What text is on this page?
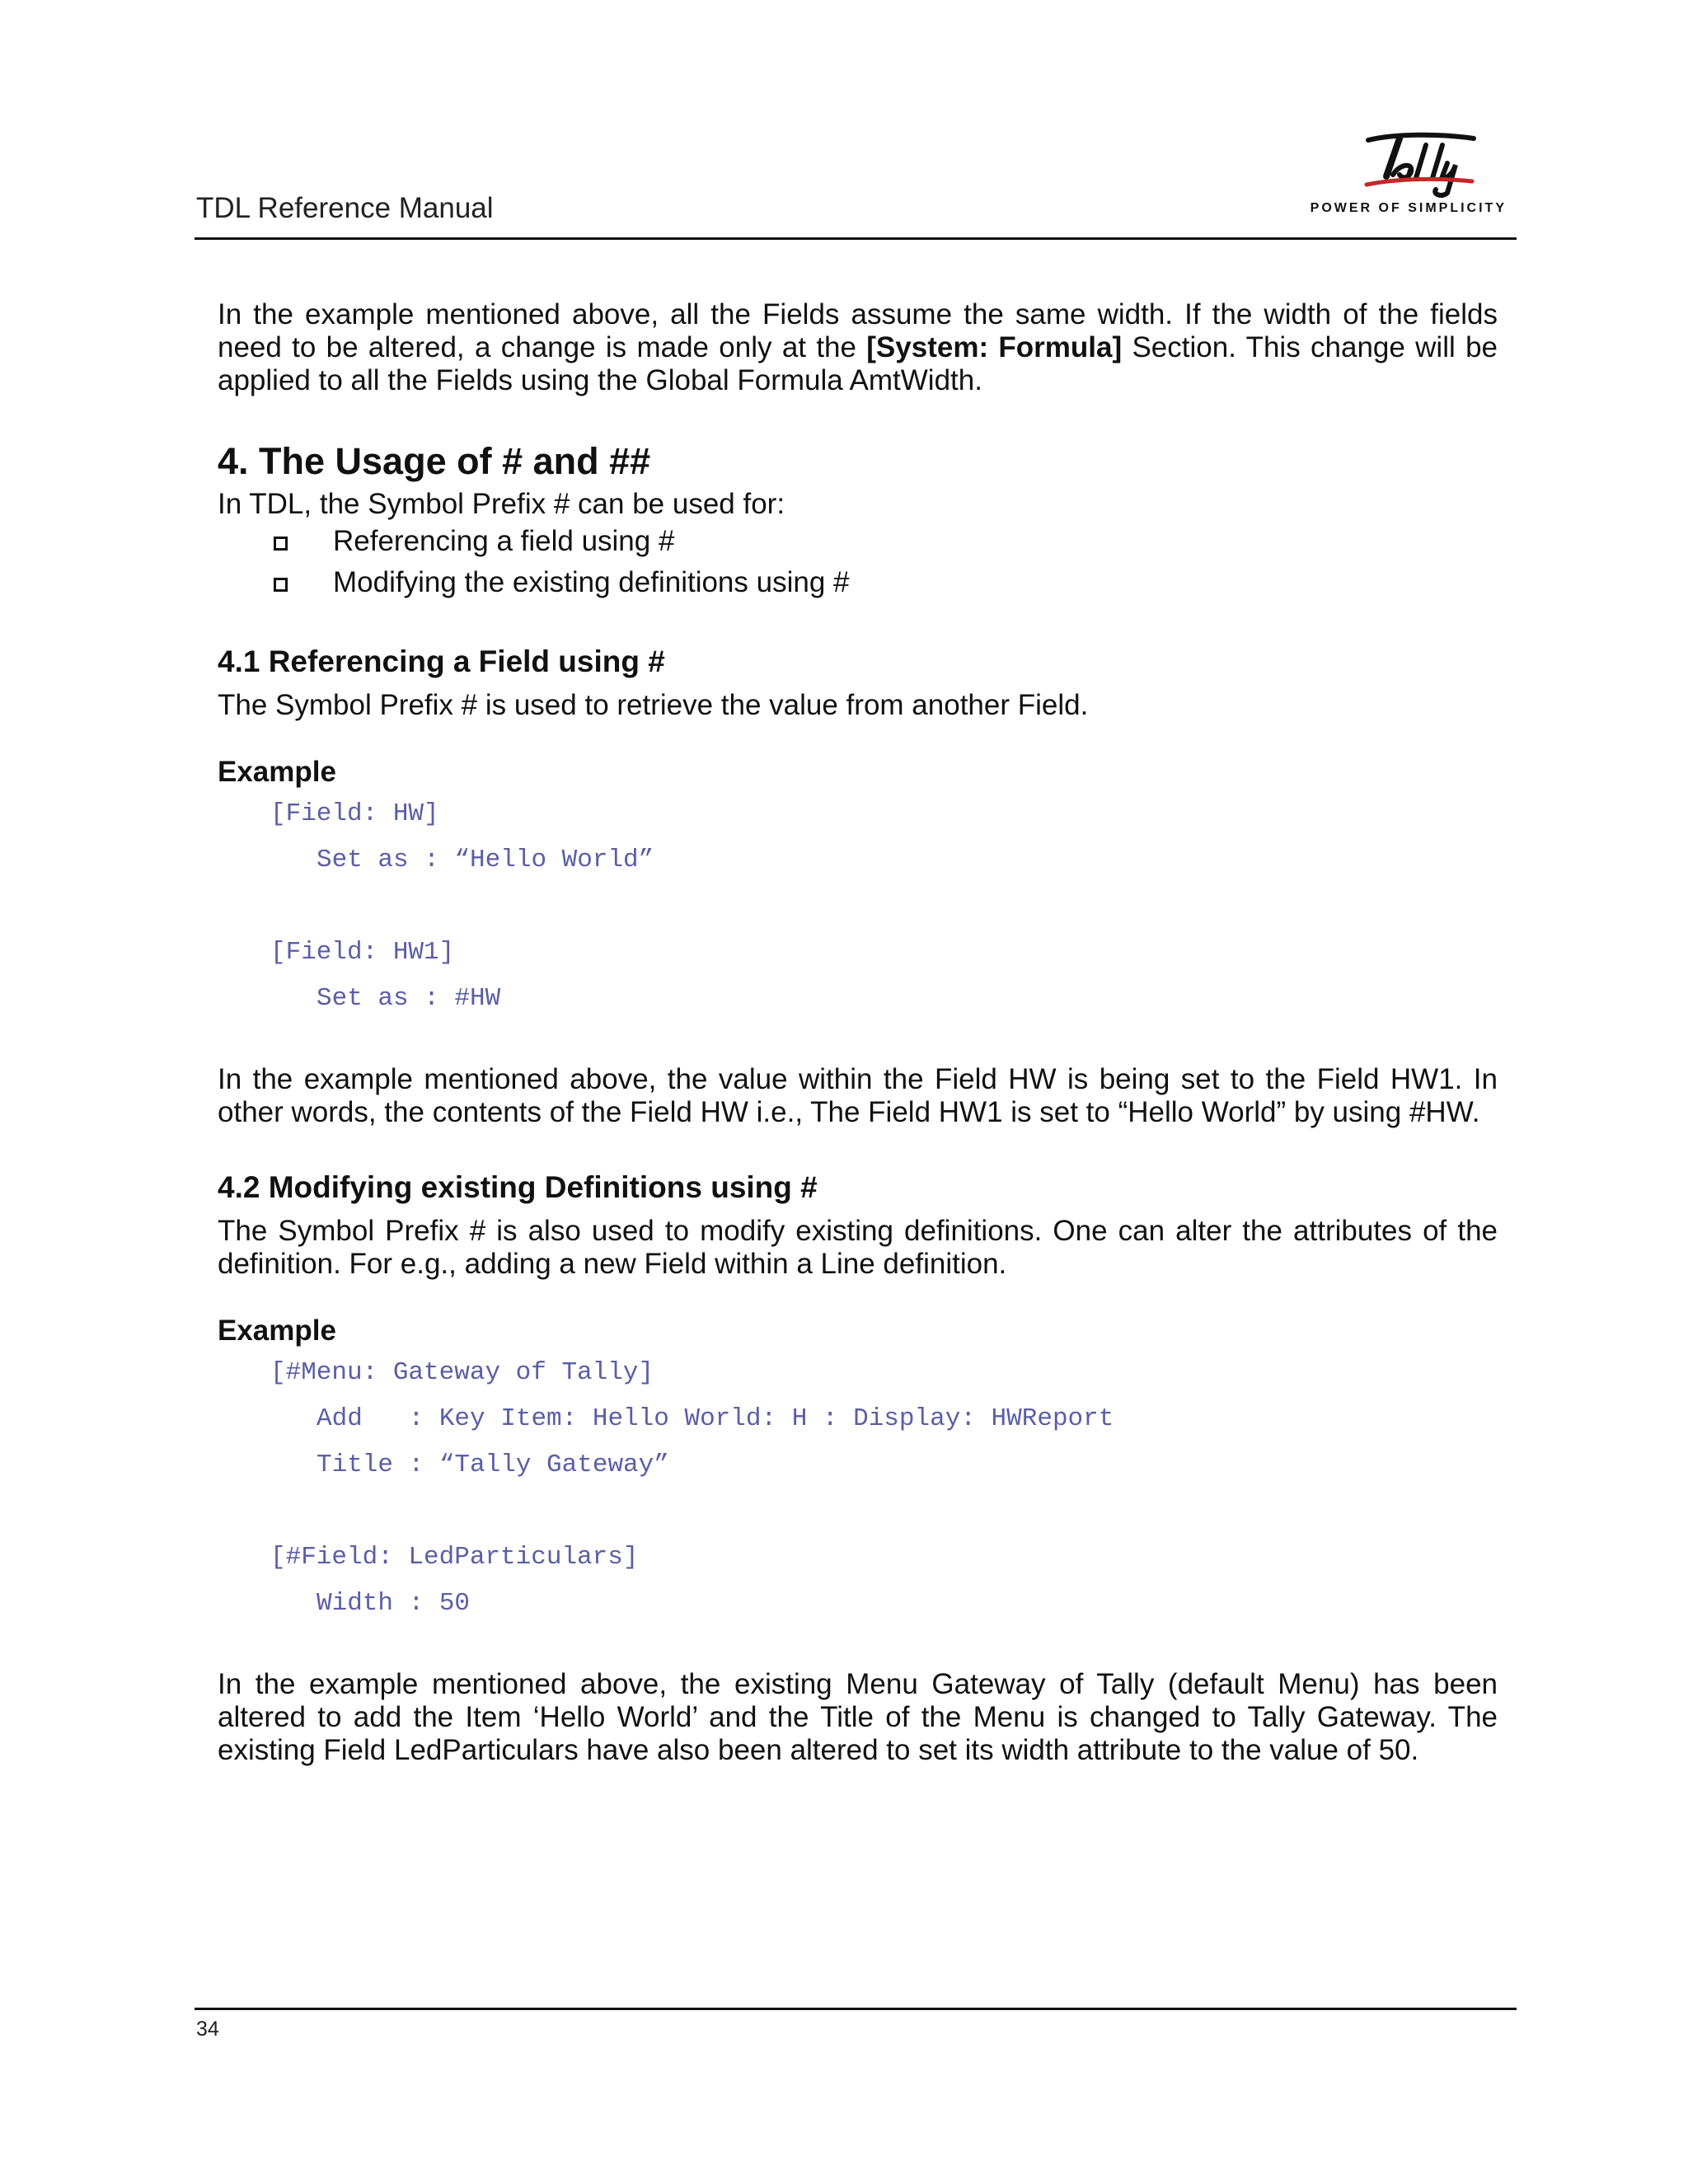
TDL Reference Manual	POWER OF SIMPLICITY

In the example mentioned above, all the Fields assume the same width. If the width of the fields need to be altered, a change is made only at the [System: Formula] Section. This change will be applied to all the Fields using the Global Formula AmtWidth.

4. The Usage of # and ##

In TDL, the Symbol Prefix # can be used for:

Referencing a field using #
Modifying the existing definitions using #
4.1 Referencing a Field using #

The Symbol Prefix # is used to retrieve the value from another Field.

Example
[Field: HW]
Set as : “Hello World”
[Field: HW1]
Set as : #HW

In the example mentioned above, the value within the Field HW is being set to the Field HW1. In other words, the contents of the Field HW i.e., The Field HW1 is set to “Hello World” by using #HW.

4.2 Modifying existing Definitions using #

The Symbol Prefix # is also used to modify existing definitions. One can alter the attributes of the definition. For e.g., adding a new Field within a Line definition.

Example
[#Menu: Gateway of Tally]
Add   : Key Item: Hello World: H : Display: HWReport
Title : “Tally Gateway”
[#Field: LedParticulars]
Width : 50

In the example mentioned above, the existing Menu Gateway of Tally (default Menu) has been altered to add the Item ‘Hello World’ and the Title of the Menu is changed to Tally Gateway. The existing Field LedParticulars have also been altered to set its width attribute to the value of 50.

34
